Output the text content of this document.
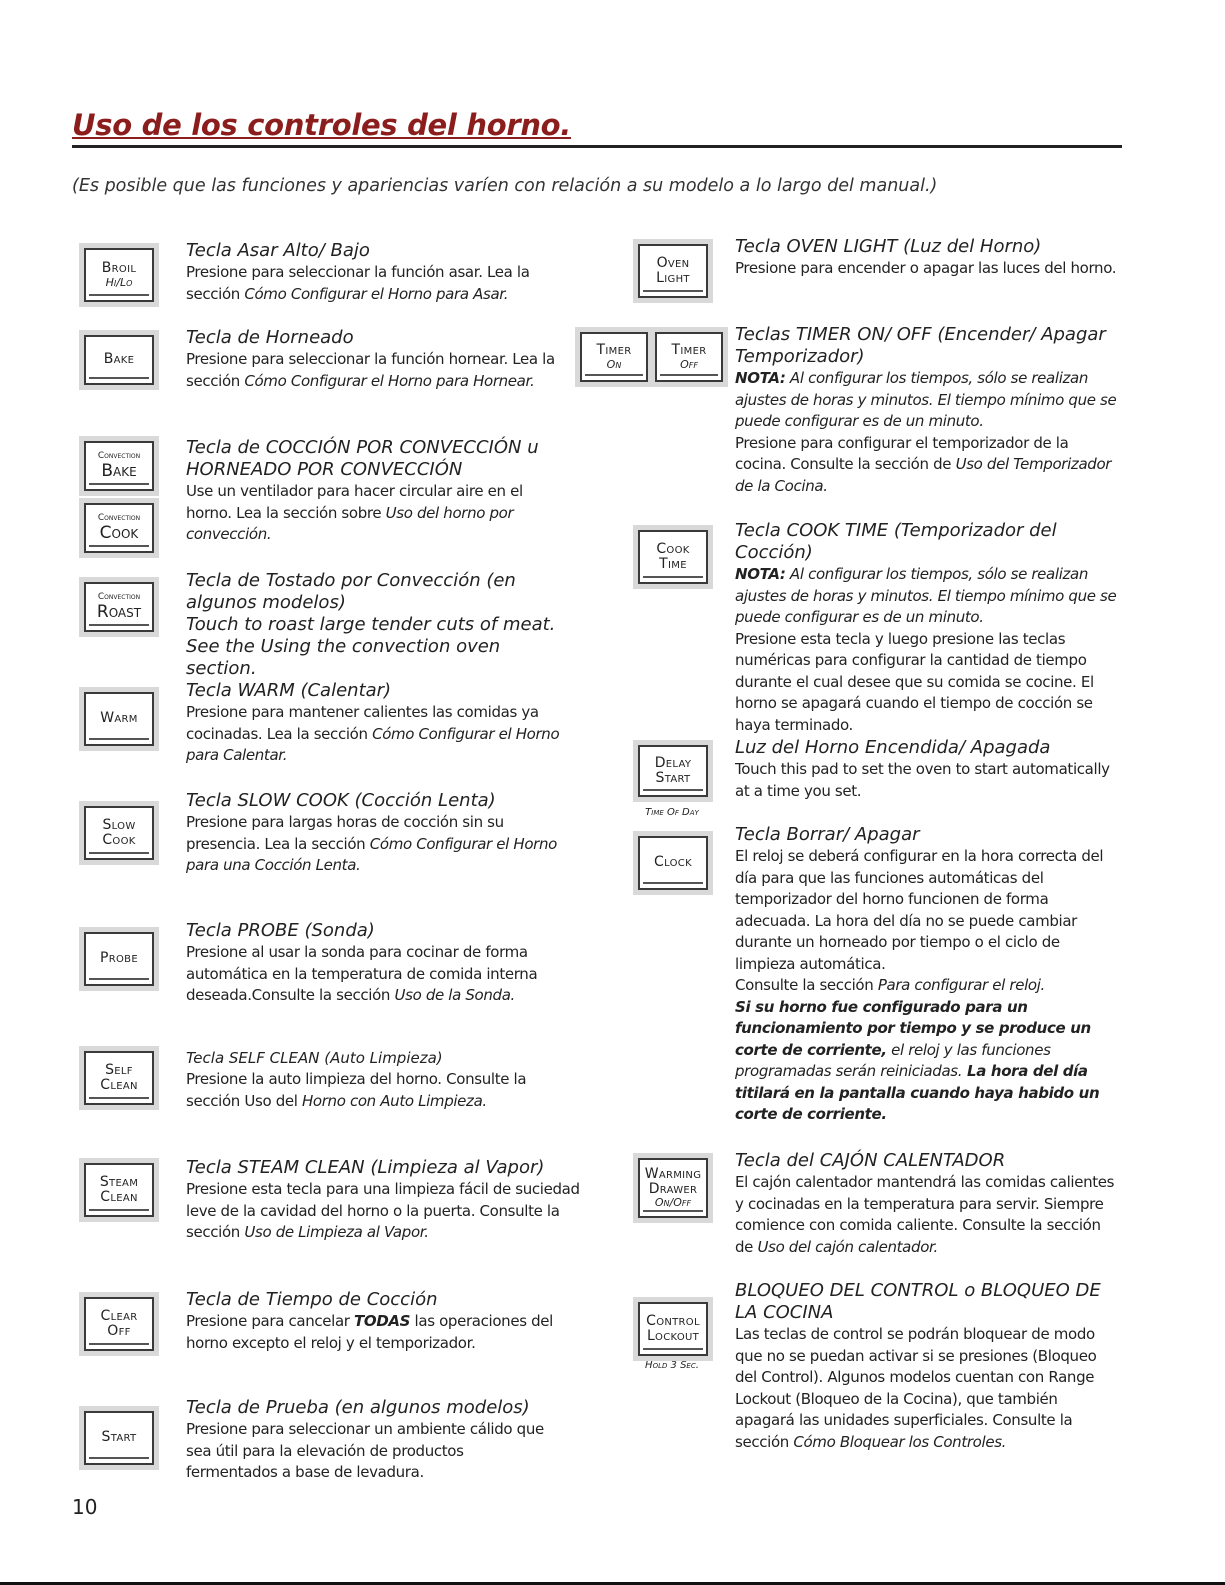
Uso de los controles del horno.
(Es posible que las funciones y apariencias varíen con relación a su modelo a lo largo del manual.)
Broil
Hi/Lo
Tecla Asar Alto/ Bajo
Presione para seleccionar la función asar. Lea la sección Cómo Configurar el Horno para Asar.
Bake
Tecla de Horneado
Presione para seleccionar la función hornear. Lea la sección Cómo Configurar el Horno para Hornear.
Convection
Bake
Convection
Cook
Tecla de COCCIÓN POR CONVECCIÓN u HORNEADO POR CONVECCIÓN
Use un ventilador para hacer circular aire en el horno. Lea la sección sobre Uso del horno por convección.
Convection
Roast
Tecla de Tostado por Convección (en algunos modelos)
Touch to roast large tender cuts of meat. See the Using the convection oven section.
Warm
Tecla WARM (Calentar)
Presione para mantener calientes las comidas ya cocinadas. Lea la sección Cómo Configurar el Horno para Calentar.
Slow
Cook
Tecla SLOW COOK (Cocción Lenta)
Presione para largas horas de cocción sin su presencia. Lea la sección Cómo Configurar el Horno para una Cocción Lenta.
Probe
Tecla PROBE (Sonda)
Presione al usar la sonda para cocinar de forma automática en la temperatura de comida interna deseada.Consulte la sección Uso de la Sonda.
Self
Clean
Tecla SELF CLEAN (Auto Limpieza)
Presione la auto limpieza del horno. Consulte la sección Uso del Horno con Auto Limpieza.
Steam
Clean
Tecla STEAM CLEAN (Limpieza al Vapor)
Presione esta tecla para una limpieza fácil de suciedad leve de la cavidad del horno o la puerta. Consulte la sección Uso de Limpieza al Vapor.
Clear
Off
Tecla de Tiempo de Cocción
Presione para cancelar TODAS las operaciones del horno excepto el reloj y el temporizador.
Start
Tecla de Prueba (en algunos modelos)
Presione para seleccionar un ambiente cálido que sea útil para la elevación de productos fermentados a base de levadura.
Oven
Light
Tecla OVEN LIGHT (Luz del Horno)
Presione para encender o apagar las luces del horno.
Timer
On
Timer
Off
Teclas TIMER ON/ OFF (Encender/ Apagar Temporizador)
NOTA: Al configurar los tiempos, sólo se realizan ajustes de horas y minutos. El tiempo mínimo que se puede configurar es de un minuto.
Presione para configurar el temporizador de la cocina. Consulte la sección de Uso del Temporizador de la Cocina.
Cook
Time
Tecla COOK TIME (Temporizador del Cocción)
NOTA: Al configurar los tiempos, sólo se realizan ajustes de horas y minutos. El tiempo mínimo que se puede configurar es de un minuto.
Presione esta tecla y luego presione las teclas numéricas para configurar la cantidad de tiempo durante el cual desee que su comida se cocine. El horno se apagará cuando el tiempo de cocción se haya terminado.
Delay
Start
Time Of Day
Luz del Horno Encendida/ Apagada
Touch this pad to set the oven to start automatically at a time you set.
Clock
Tecla Borrar/ Apagar
El reloj se deberá configurar en la hora correcta del día para que las funciones automáticas del temporizador del horno funcionen de forma adecuada. La hora del día no se puede cambiar durante un horneado por tiempo o el ciclo de limpieza automática.
Consulte la sección Para configurar el reloj.
Si su horno fue configurado para un funcionamiento por tiempo y se produce un corte de corriente, el reloj y las funciones programadas serán reiniciadas. La hora del día titilará en la pantalla cuando haya habido un corte de corriente.
Warming
Drawer
On/Off
Tecla del CAJÓN CALENTADOR
El cajón calentador mantendrá las comidas calientes y cocinadas en la temperatura para servir. Siempre comience con comida caliente. Consulte la sección de Uso del cajón calentador.
Control
Lockout
Hold 3 Sec.
BLOQUEO DEL CONTROL o BLOQUEO DE LA COCINA
Las teclas de control se podrán bloquear de modo que no se puedan activar si se presiones (Bloqueo del Control). Algunos modelos cuentan con Range Lockout (Bloqueo de la Cocina), que también apagará las unidades superficiales. Consulte la sección Cómo Bloquear los Controles.
10
